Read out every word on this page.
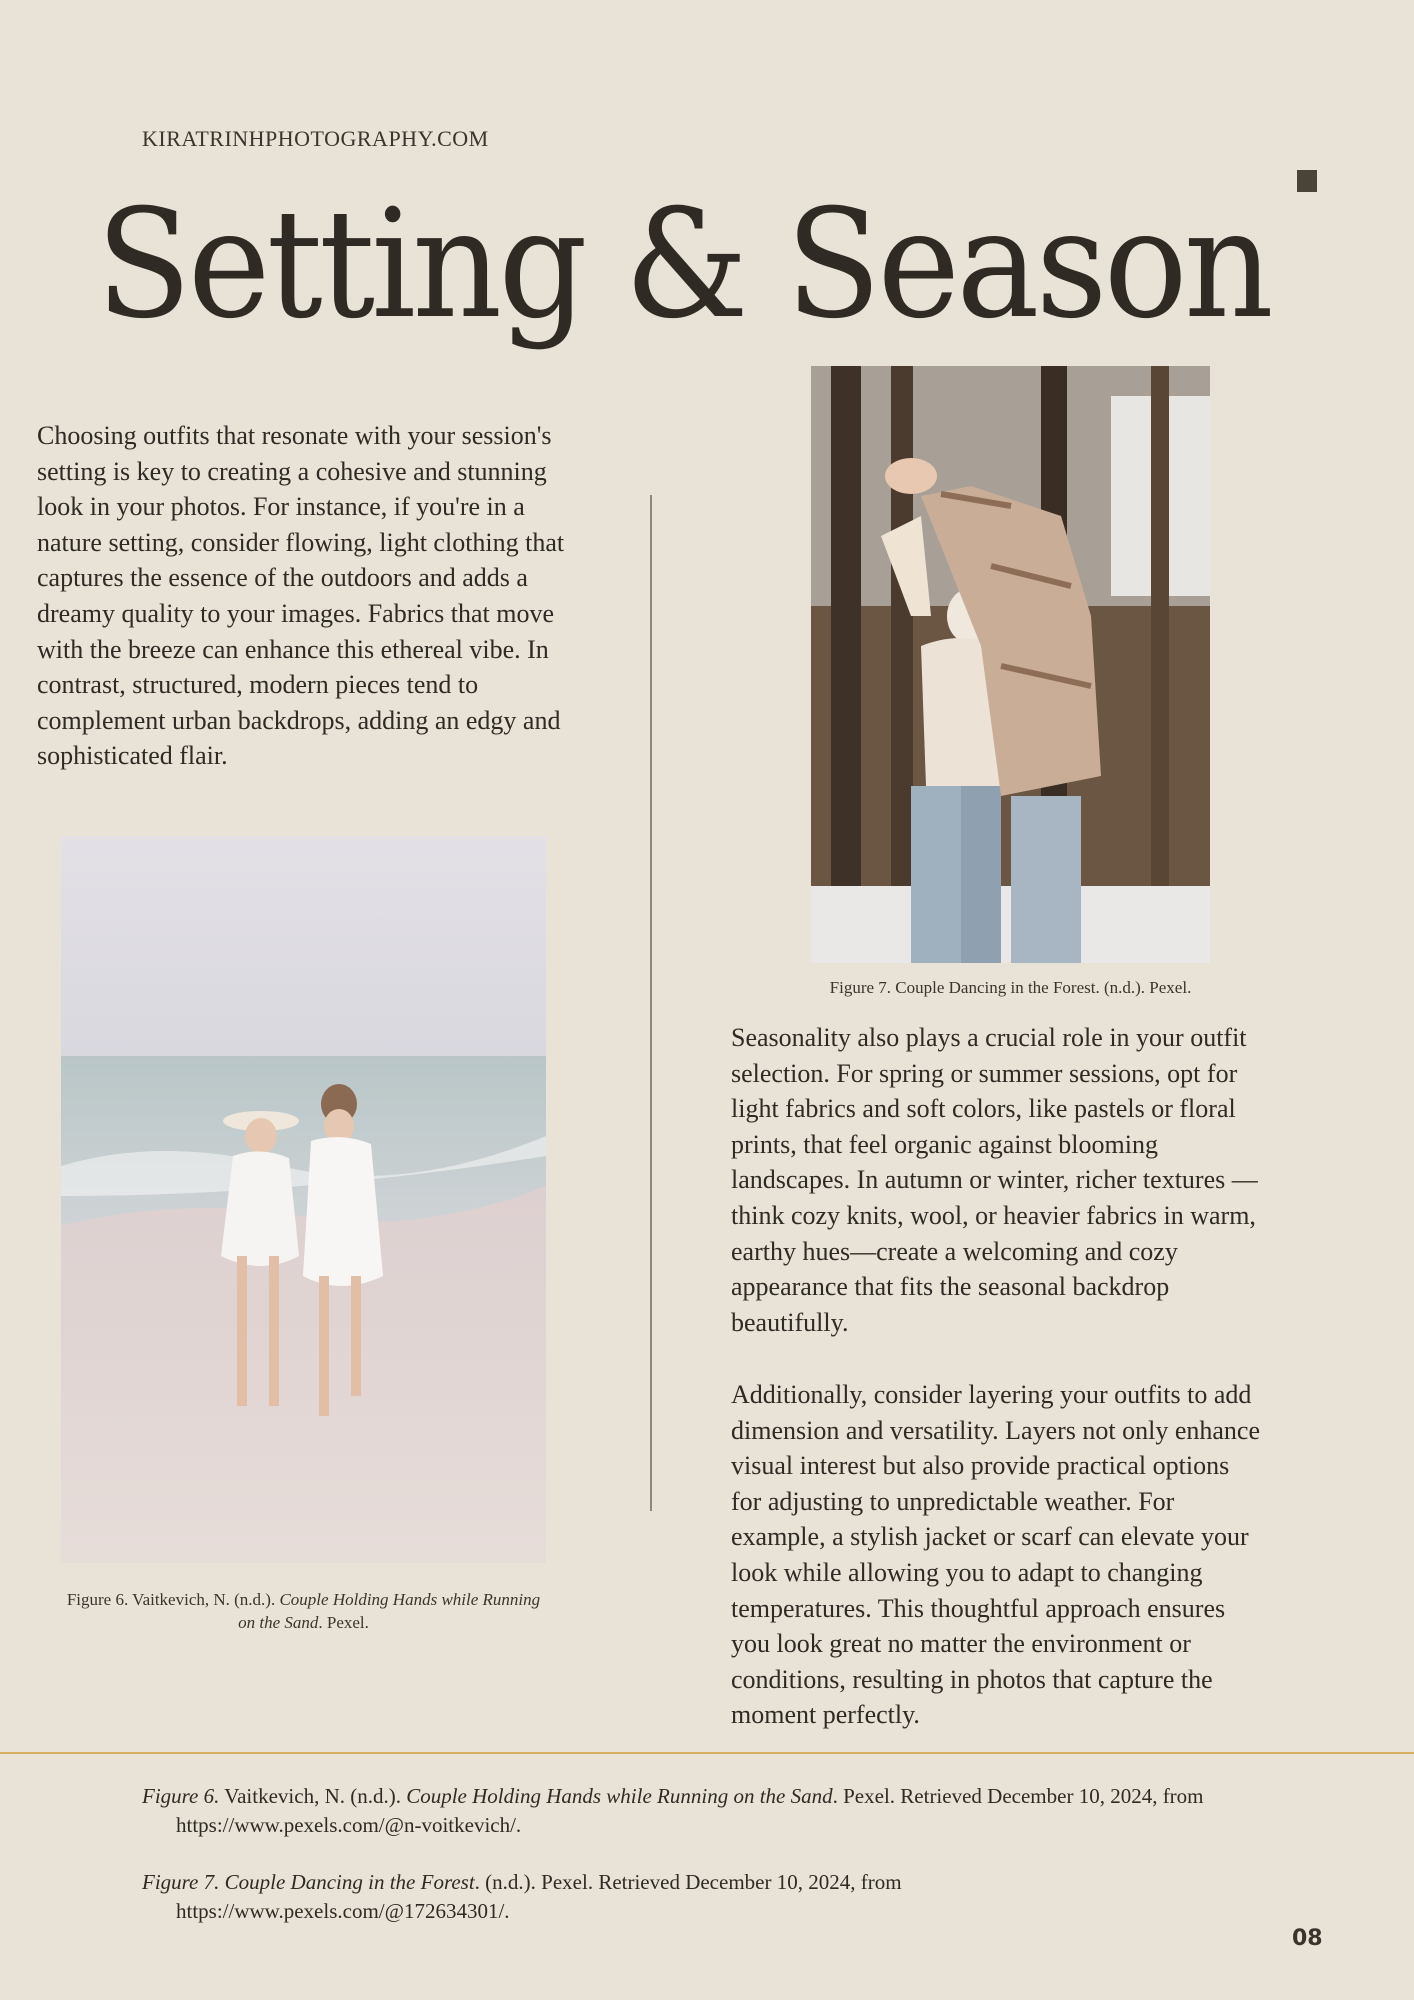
KIRATRINHPHOTOGRAPHY.COM
Setting & Season
Choosing outfits that resonate with your session's setting is key to creating a cohesive and stunning look in your photos. For instance, if you're in a nature setting, consider flowing, light clothing that captures the essence of the outdoors and adds a dreamy quality to your images. Fabrics that move with the breeze can enhance this ethereal vibe. In contrast, structured, modern pieces tend to complement urban backdrops, adding an edgy and sophisticated flair.
Figure 6. Vaitkevich, N. (n.d.). Couple Holding Hands while Running on the Sand. Pexel.
Figure 7. Couple Dancing in the Forest. (n.d.). Pexel.
Seasonality also plays a crucial role in your outfit selection. For spring or summer sessions, opt for light fabrics and soft colors, like pastels or floral prints, that feel organic against blooming landscapes. In autumn or winter, richer textures —think cozy knits, wool, or heavier fabrics in warm, earthy hues—create a welcoming and cozy appearance that fits the seasonal backdrop beautifully.
Additionally, consider layering your outfits to add dimension and versatility. Layers not only enhance visual interest but also provide practical options for adjusting to unpredictable weather. For example, a stylish jacket or scarf can elevate your look while allowing you to adapt to changing temperatures. This thoughtful approach ensures you look great no matter the environment or conditions, resulting in photos that capture the moment perfectly.
Figure 6. Vaitkevich, N. (n.d.). Couple Holding Hands while Running on the Sand. Pexel. Retrieved December 10, 2024, from
https://www.pexels.com/@n-voitkevich/.
Figure 7. Couple Dancing in the Forest. (n.d.). Pexel. Retrieved December 10, 2024, from
https://www.pexels.com/@172634301/.
08
